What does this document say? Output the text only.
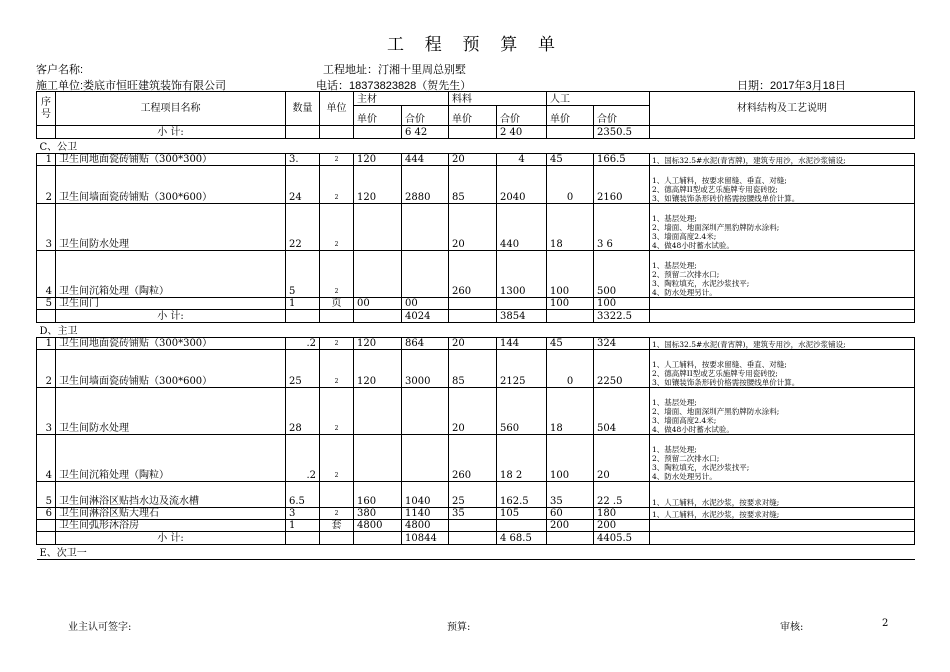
工 程 预 算 单
客户名称:	工程地址：汀湘十里周总别墅
施工单位:娄底市恒旺建筑装饰有限公司	电话：18373823828（贺先生）	日期：2017年3月18日
序号	工程项目名称	数量	单位	主材		料料		人工		材料结构及工艺说明
				单价	合价	单价	合价	单价	合价	
	小 计:				6 42		2 40		2350.5	
C、公卫										
1	卫生间地面瓷砖铺贴（300*300）	3.	2	120	444	20	4	45	166.5	1、国标32.5#水泥(青宵牌)，建筑专用沙，水泥沙浆铺设;
2	卫生间墙面瓷砖铺贴（300*600）	24	2	120	2880	85	2040	0	2160	1、人工辅料，按要求留缝、垂直、对缝;
2、德高牌II型或艺乐施牌专用瓷砖胶;
3、如镶装饰条形砖价格需按腰线单价计算。
3	卫生间防水处理	22	2			20	440	18	3 6	1、基层处理;
2、墙面、地面深圳产黑豹牌防水涂料;
3、墙面高度2.4米;
4、做48小时蓄水试验。
4	卫生间沉箱处理（陶粒）	5	2			260	1300	100	500	1、基层处理;
2、预留二次排水口;
3、陶粒填充，水泥沙浆找平;
4、防水处理另计。
5	卫生间门	1	页	00	00			100	100	
	小 计:				4024		3854		3322.5	
D、主卫										
1	卫生间地面瓷砖铺贴（300*300）	.2	2	120	864	20	144	45	324	1、国标32.5#水泥(青宵牌)，建筑专用沙，水泥沙浆铺设;
2	卫生间墙面瓷砖铺贴（300*600）	25	2	120	3000	85	2125	0	2250	1、人工辅料，按要求留缝、垂直、对缝;
2、德高牌II型或艺乐施牌专用瓷砖胶;
3、如镶装饰条形砖价格需按腰线单价计算。
3	卫生间防水处理	28	2			20	560	18	504	1、基层处理;
2、墙面、地面深圳产黑豹牌防水涂料;
3、墙面高度2.4米;
4、做48小时蓄水试验。
4	卫生间沉箱处理（陶粒）	.2	2			260	18 2	100	20	1、基层处理;
2、预留二次排水口;
3、陶粒填充，水泥沙浆找平;
4、防水处理另计。
5	卫生间淋浴区贴挡水边及流水槽	6.5		160	1040	25	162.5	35	22 .5	1、人工辅料，水泥沙浆，按要求对缝;
6	卫生间淋浴区贴大理石	3	2	380	1140	35	105	60	180	1、人工辅料，水泥沙浆，按要求对缝;
	卫生间弧形沐浴房	1	套	4800	4800			200	200	
	小 计:				10844		4 68.5		4405.5	
E、次卫一										
业主认可签字:	预算:	审核:	2
